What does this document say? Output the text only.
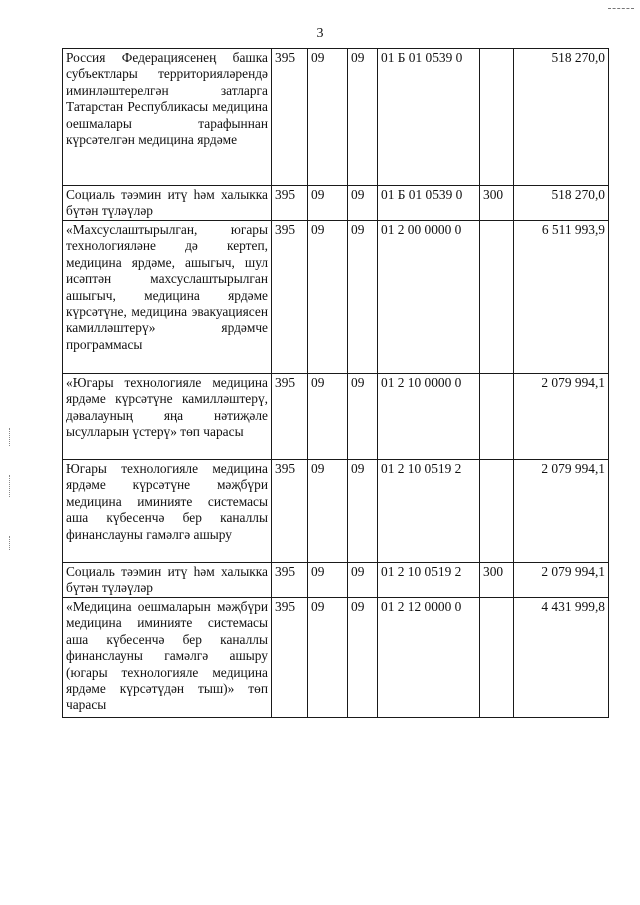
3
Россия Федерациясенең башка субъектлары территорияләрендә иминләштерелгән затларга Татарстан Республикасы медицина оешмалары тарафыннан күрсәтелгән медицина ярдәме	395	09	09	01 Б 01 0539 0		518 270,0
Социаль тәэмин итү һәм халыкка бүтән түләүләр	395	09	09	01 Б 01 0539 0	300	518 270,0
«Махсуслаштырылган, югары технологияләне дә кертеп, медицина ярдәме, ашыгыч, шул исәптән махсуслаштырылган ашыгыч, медицина ярдәме күрсәтүне, медицина эвакуациясен камилләштерү» ярдәмче программасы	395	09	09	01 2 00 0000 0		6 511 993,9
«Югары технологияле медицина ярдәме күрсәтүне камилләштерү, дәвалауның яңа нәтиҗәле ысулларын үстерү» төп чарасы	395	09	09	01 2 10 0000 0		2 079 994,1
Югары технологияле медицина ярдәме күрсәтүне мәҗбүри медицина иминияте системасы аша күбесенчә бер каналлы финанслауны гамәлгә ашыру	395	09	09	01 2 10 0519 2		2 079 994,1
Социаль тәэмин итү һәм халыкка бүтән түләүләр	395	09	09	01 2 10 0519 2	300	2 079 994,1
«Медицина оешмаларын мәҗбүри медицина иминияте системасы аша күбесенчә бер каналлы финанслауны гамәлгә ашыру (югары технологияле медицина ярдәме күрсәтүдән тыш)» төп чарасы	395	09	09	01 2 12 0000 0		4 431 999,8
